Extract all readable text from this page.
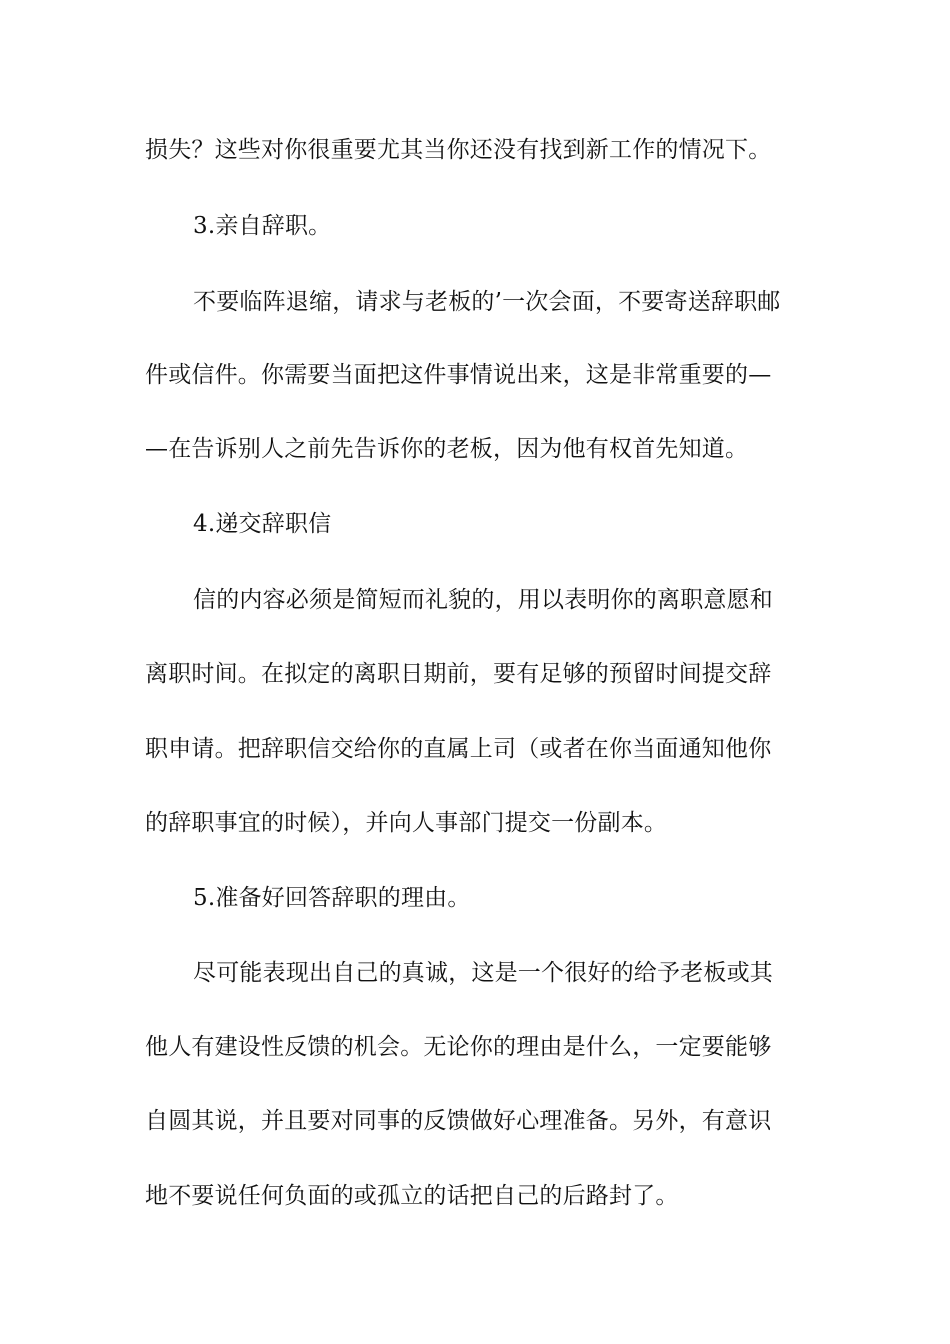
损失？这些对你很重要尤其当你还没有找到新工作的情况下。
3.亲自辞职。
不要临阵退缩，请求与老板的’一次会面，不要寄送辞职邮
件或信件。你需要当面把这件事情说出来，这是非常重要的—
—在告诉别人之前先告诉你的老板，因为他有权首先知道。
4.递交辞职信
信的内容必须是简短而礼貌的，用以表明你的离职意愿和
离职时间。在拟定的离职日期前，要有足够的预留时间提交辞
职申请。把辞职信交给你的直属上司（或者在你当面通知他你
的辞职事宜的时候），并向人事部门提交一份副本。
5.准备好回答辞职的理由。
尽可能表现出自己的真诚，这是一个很好的给予老板或其
他人有建设性反馈的机会。无论你的理由是什么，一定要能够
自圆其说，并且要对同事的反馈做好心理准备。另外，有意识
地不要说任何负面的或孤立的话把自己的后路封了。
